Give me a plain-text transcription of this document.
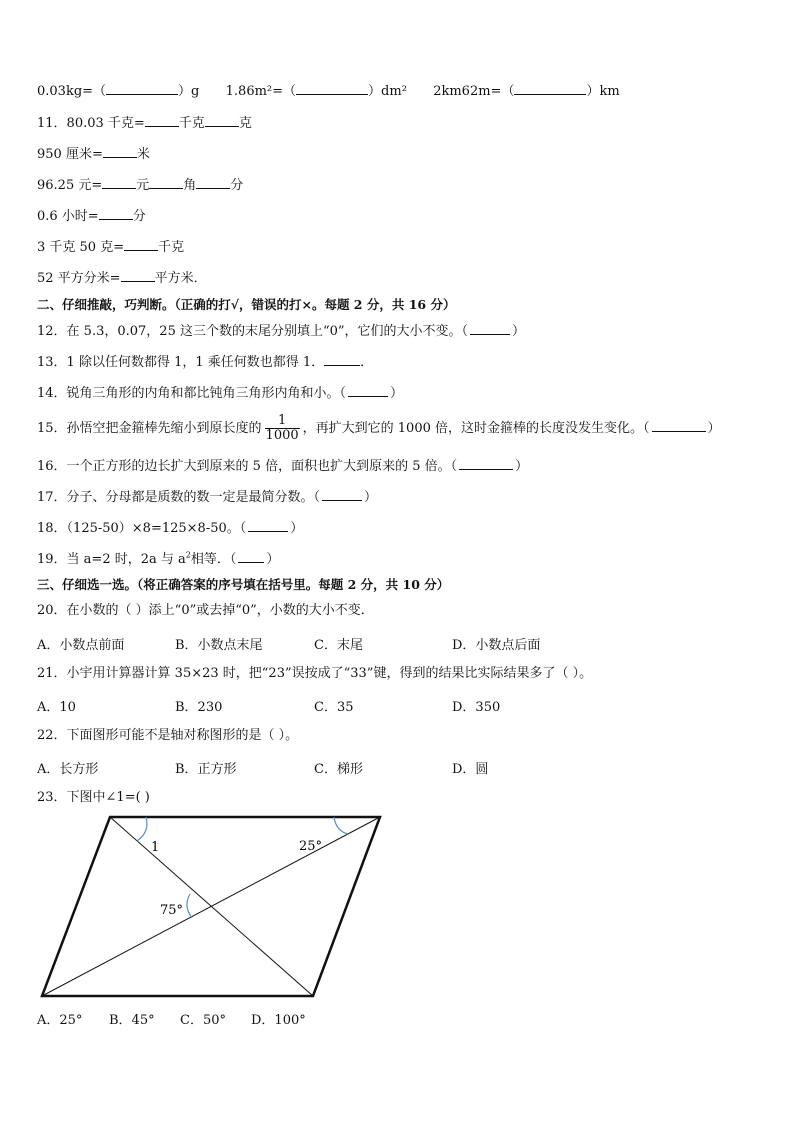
0.03kg=（	）g 1.86m²=（	）dm² 2km62m=（	）km
11．80.03 千克=	千克	克
950 厘米=	米
96.25 元=	元	角	分
0.6 小时=	分
3 千克 50 克=	千克
52 平方分米=	平方米．
二、仔细推敲，巧判断。（正确的打√，错误的打×。每题 2 分，共 16 分）
12．在 5.3，0.07，25 这三个数的末尾分别填上“0”，它们的大小不变。（	）
13．1 除以任何数都得 1，1 乘任何数也都得 1．	．
14．锐角三角形的内角和都比钝角三角形内角和小。（	）
15．孙悟空把金箍棒先缩小到原长度的 $\frac{1}{1000}$ ，再扩大到它的 1000 倍，这时金箍棒的长度没发生变化。（	）
16．一个正方形的边长扩大到原来的 5 倍，面积也扩大到原来的 5 倍。（	）
17．分子、分母都是质数的数一定是最简分数。（	）
18．（125-50）×8=125×8-50。（	）
19．当 a=2 时，2a 与 $a^2$相等．（ ）
三、仔细选一选。（将正确答案的序号填在括号里。每题 2 分，共 10 分）
20．在小数的（ ）添上“0”或去掉“0”，小数的大小不变．
A．小数点前面	B．小数点末尾	C．末尾	D．小数点后面
21．小宇用计算器计算 35×23 时，把“23”误按成了“33”键，得到的结果比实际结果多了（ ）。
A．10	B．230	C．35	D．350
22．下面图形可能不是轴对称图形的是（ ）。
A．长方形	B．正方形	C．梯形	D．圆
23．下图中∠1=( )
1	25°
75°
A．25° B．45° C．50° D．100°
